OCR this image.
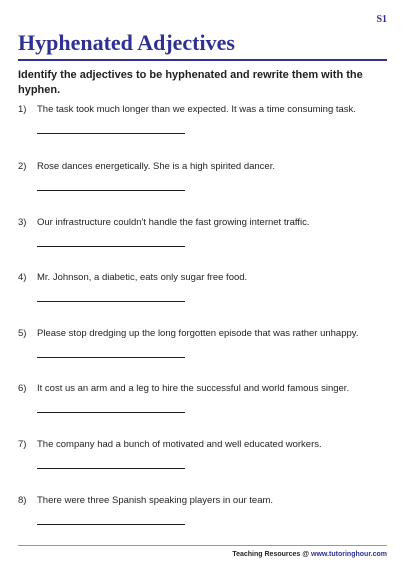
S1
Hyphenated Adjectives
Identify the adjectives to be hyphenated and rewrite them with the hyphen.
1) The task took much longer than we expected. It was a time consuming task.
2) Rose dances energetically. She is a high spirited dancer.
3) Our infrastructure couldn't handle the fast growing internet traffic.
4) Mr. Johnson, a diabetic, eats only sugar free food.
5) Please stop dredging up the long forgotten episode that was rather unhappy.
6) It cost us an arm and a leg to hire the successful and world famous singer.
7) The company had a bunch of motivated and well educated workers.
8) There were three Spanish speaking players in our team.
Teaching Resources @ www.tutoringhour.com
